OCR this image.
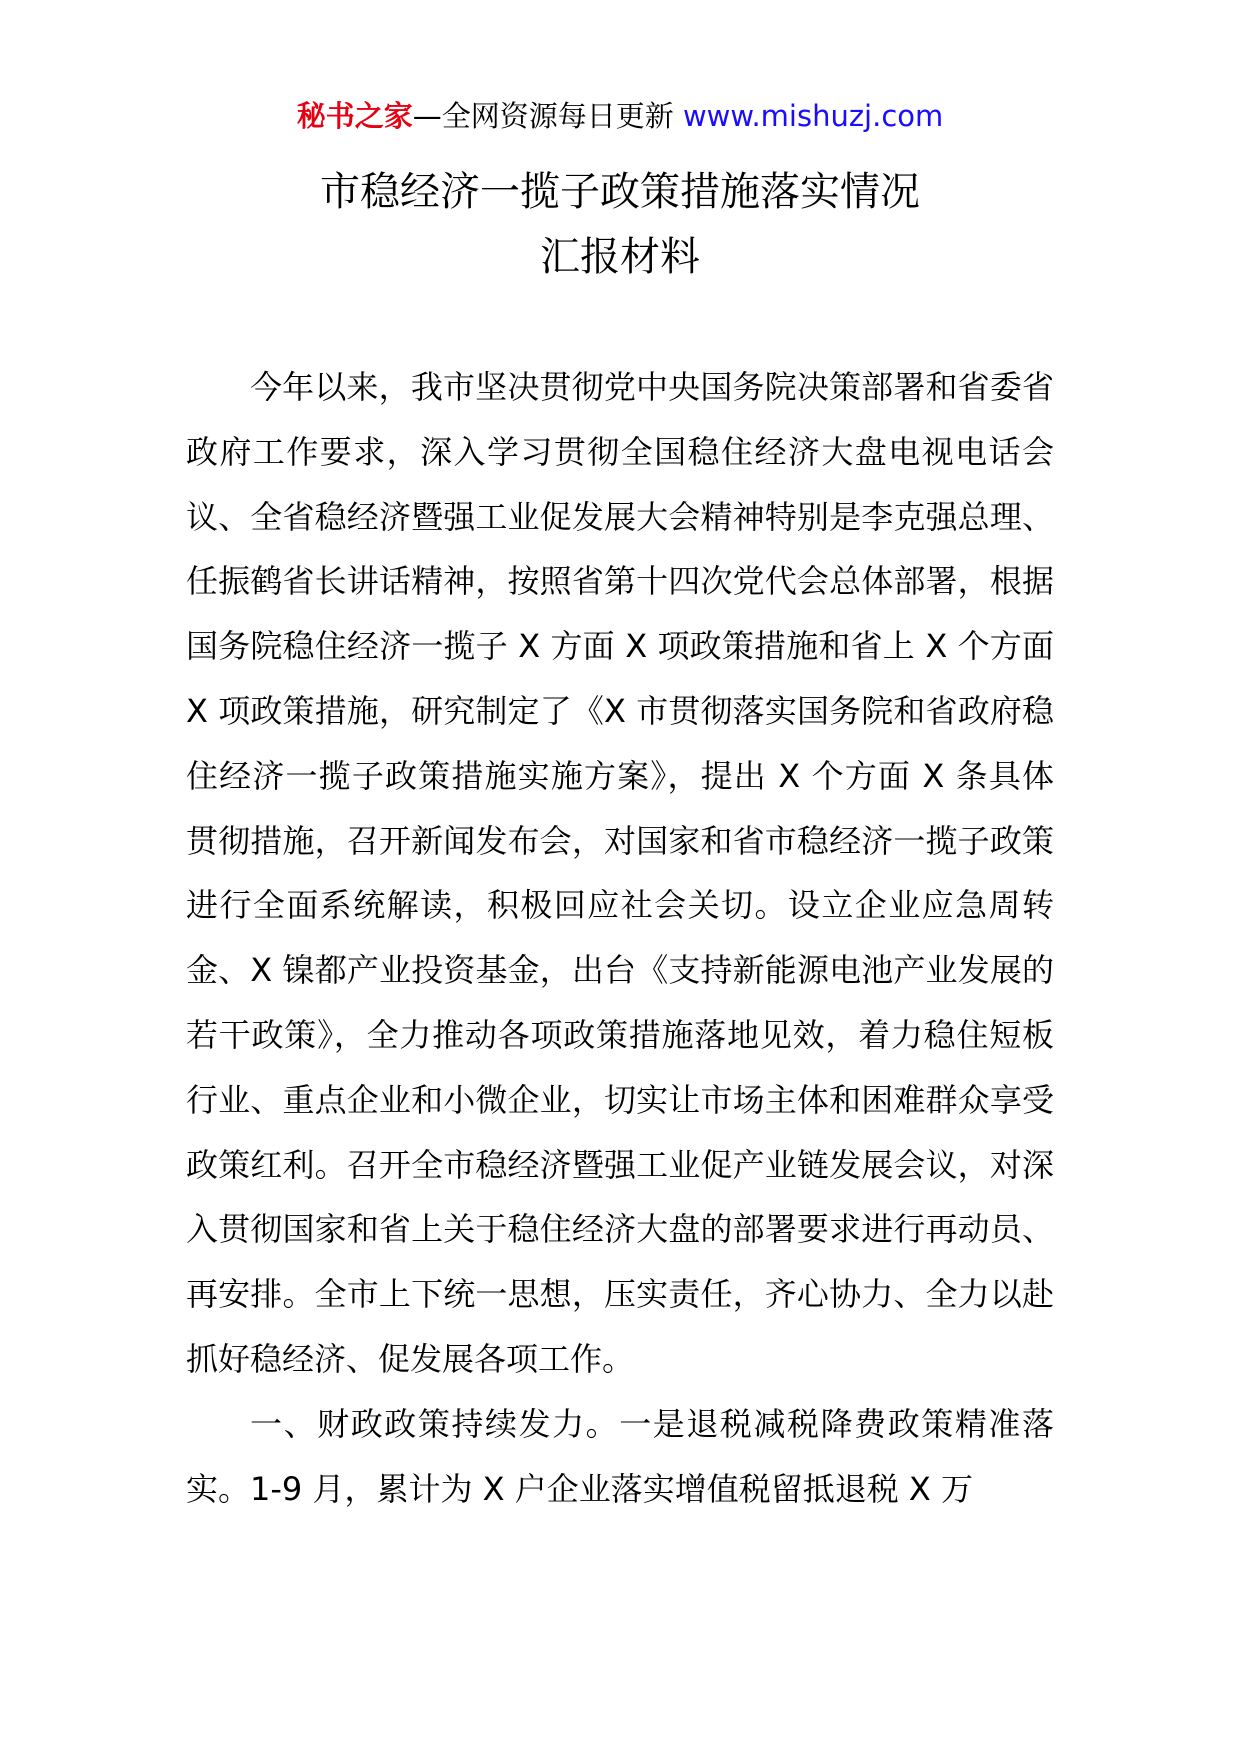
秘书之家—全网资源每日更新 www.mishuzj.com
市稳经济一揽子政策措施落实情况
汇报材料

今年以来，我市坚决贯彻党中央国务院决策部署和省委省政府工作要求，深入学习贯彻全国稳住经济大盘电视电话会议、全省稳经济暨强工业促发展大会精神特别是李克强总理、任振鹤省长讲话精神，按照省第十四次党代会总体部署，根据国务院稳住经济一揽子 X 方面 X 项政策措施和省上 X 个方面 X 项政策措施，研究制定了《X 市贯彻落实国务院和省政府稳住经济一揽子政策措施实施方案》，提出 X 个方面 X 条具体贯彻措施，召开新闻发布会，对国家和省市稳经济一揽子政策进行全面系统解读，积极回应社会关切。设立企业应急周转金、X 镍都产业投资基金，出台《支持新能源电池产业发展的若干政策》，全力推动各项政策措施落地见效，着力稳住短板行业、重点企业和小微企业，切实让市场主体和困难群众享受政策红利。召开全市稳经济暨强工业促产业链发展会议，对深入贯彻国家和省上关于稳住经济大盘的部署要求进行再动员、再安排。全市上下统一思想，压实责任，齐心协力、全力以赴抓好稳经济、促发展各项工作。

一、财政政策持续发力。一是退税减税降费政策精准落实。1-9 月，累计为 X 户企业落实增值税留抵退税 X 万
